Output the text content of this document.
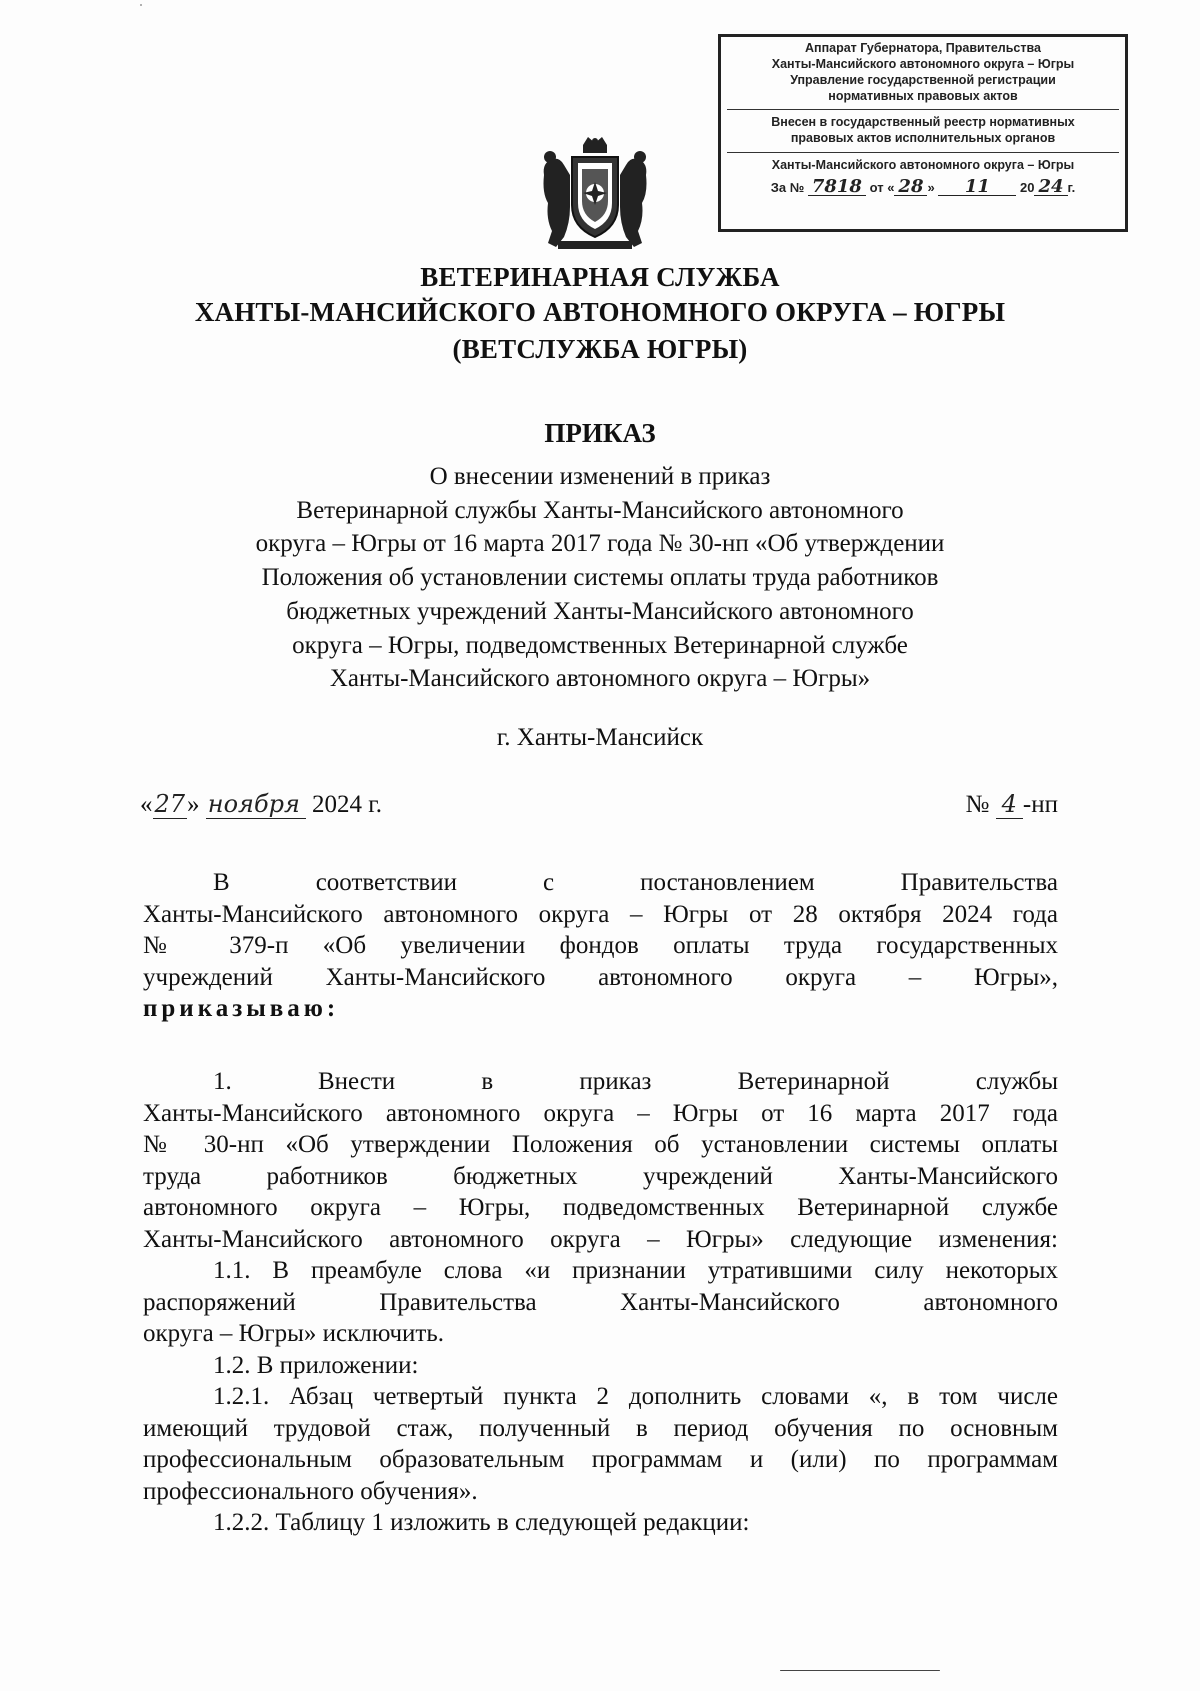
Аппарат Губернатора, Правительства
Ханты-Мансийского автономного округа – Югры
Управление государственной регистрации
нормативных правовых актов
Внесен в государственный реестр нормативных
правовых актов исполнительных органов
Ханты-Мансийского автономного округа – Югры
За № 7818 от « 28 » 11 20 24 г.
ВЕТЕРИНАРНАЯ СЛУЖБА
ХАНТЫ-МАНСИЙСКОГО АВТОНОМНОГО ОКРУГА – ЮГРЫ
(ВЕТСЛУЖБА ЮГРЫ)
ПРИКАЗ
О внесении изменений в приказ
Ветеринарной службы Ханты-Мансийского автономного
округа – Югры от 16 марта 2017 года № 30-нп «Об утверждении
Положения об установлении системы оплаты труда работников
бюджетных учреждений Ханты-Мансийского автономного
округа – Югры, подведомственных Ветеринарной службе
Ханты-Мансийского автономного округа – Югры»
г. Ханты-Мансийск
«27» ноября 2024 г.	№ 4 -нп
В соответствии с постановлением Правительства
Ханты-Мансийского автономного округа – Югры от 28 октября 2024 года
№ 379-п «Об увеличении фондов оплаты труда государственных
учреждений Ханты-Мансийского автономного округа – Югры»,
приказываю:
1. Внести в приказ Ветеринарной службы
Ханты-Мансийского автономного округа – Югры от 16 марта 2017 года
№ 30-нп «Об утверждении Положения об установлении системы оплаты
труда работников бюджетных учреждений Ханты-Мансийского
автономного округа – Югры, подведомственных Ветеринарной службе
Ханты-Мансийского автономного округа – Югры» следующие изменения:
1.1. В преамбуле слова «и признании утратившими силу некоторых
распоряжений Правительства Ханты-Мансийского автономного
округа – Югры» исключить.
1.2. В приложении:
1.2.1. Абзац четвертый пункта 2 дополнить словами «, в том числе
имеющий трудовой стаж, полученный в период обучения по основным
профессиональным образовательным программам и (или) по программам
профессионального обучения».
1.2.2. Таблицу 1 изложить в следующей редакции:
